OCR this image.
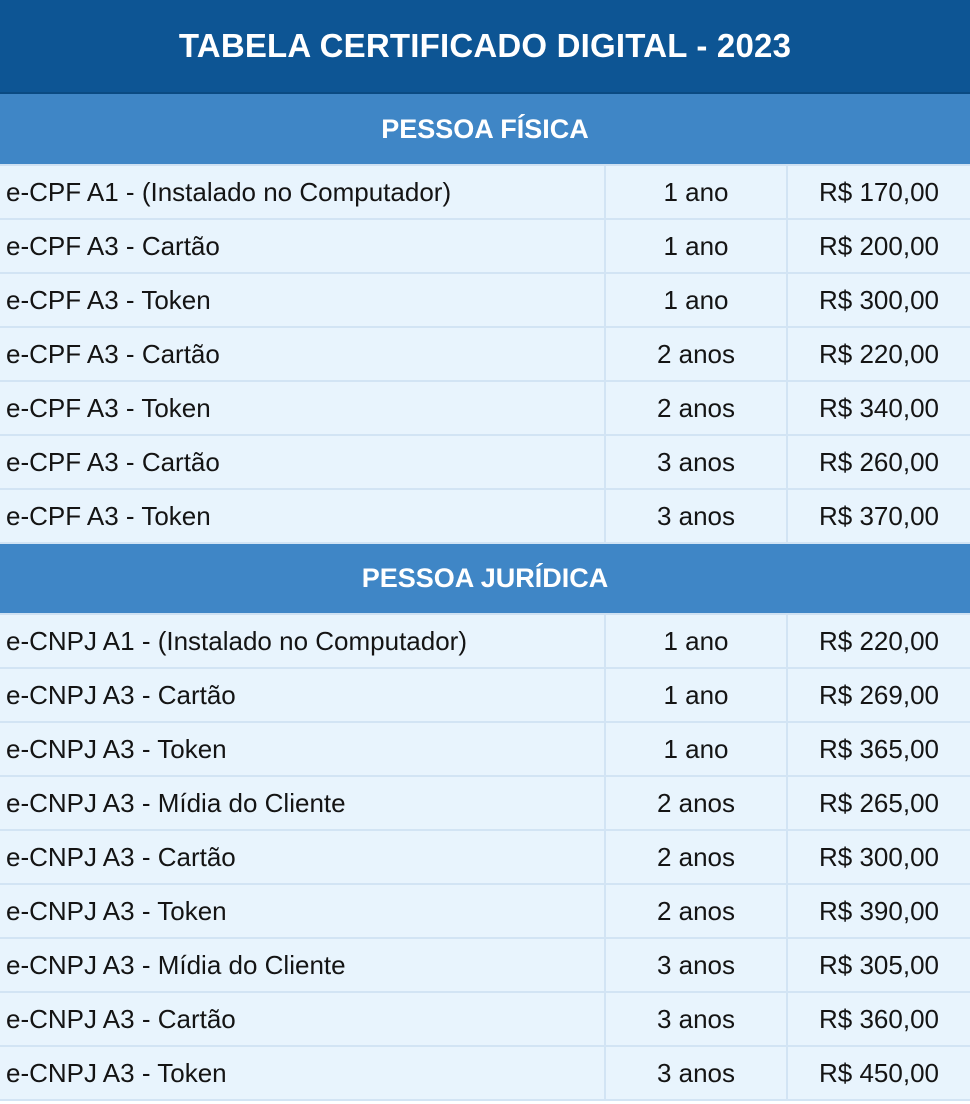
TABELA CERTIFICADO DIGITAL - 2023
PESSOA FÍSICA
e-CPF A1 - (Instalado no Computador)	1 ano	R$ 170,00
e-CPF A3 - Cartão	1 ano	R$ 200,00
e-CPF A3 - Token	1 ano	R$ 300,00
e-CPF A3 - Cartão	2 anos	R$ 220,00
e-CPF A3 - Token	2 anos	R$ 340,00
e-CPF A3 - Cartão	3 anos	R$ 260,00
e-CPF A3 - Token	3 anos	R$ 370,00
PESSOA JURÍDICA
e-CNPJ A1 - (Instalado no Computador)	1 ano	R$ 220,00
e-CNPJ A3 - Cartão	1 ano	R$ 269,00
e-CNPJ A3 - Token	1 ano	R$ 365,00
e-CNPJ A3 - Mídia do Cliente	2 anos	R$ 265,00
e-CNPJ A3 - Cartão	2 anos	R$ 300,00
e-CNPJ A3 - Token	2 anos	R$ 390,00
e-CNPJ A3 - Mídia do Cliente	3 anos	R$ 305,00
e-CNPJ A3 - Cartão	3 anos	R$ 360,00
e-CNPJ A3 - Token	3 anos	R$ 450,00
